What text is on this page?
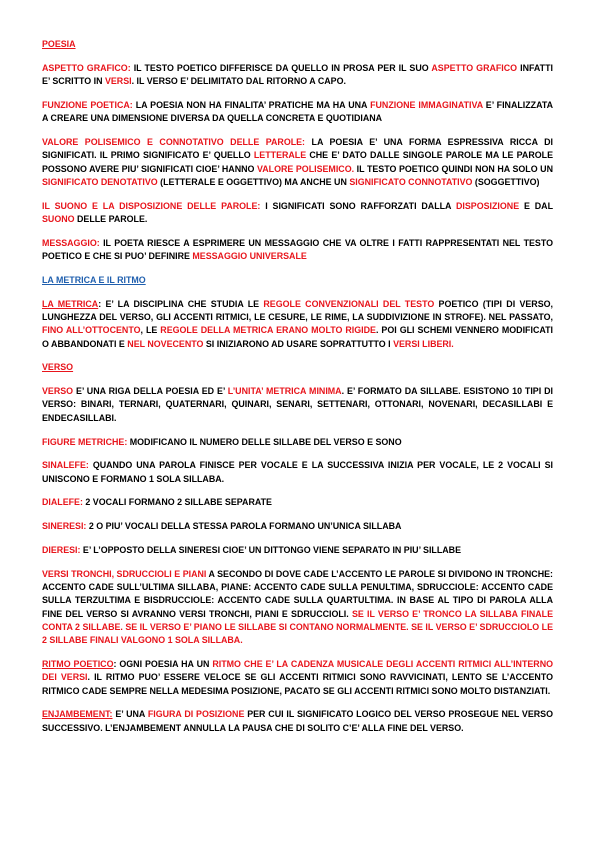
POESIA

ASPETTO GRAFICO: IL TESTO POETICO DIFFERISCE DA QUELLO IN PROSA PER IL SUO ASPETTO GRAFICO INFATTI E’ SCRITTO IN VERSI. IL VERSO E’ DELIMITATO DAL RITORNO A CAPO.

FUNZIONE POETICA: LA POESIA NON HA FINALITA’ PRATICHE MA HA UNA FUNZIONE IMMAGINATIVA E’ FINALIZZATA A CREARE UNA DIMENSIONE DIVERSA DA QUELLA CONCRETA E QUOTIDIANA

VALORE POLISEMICO E CONNOTATIVO DELLE PAROLE: LA POESIA E’ UNA FORMA ESPRESSIVA RICCA DI SIGNIFICATI. IL PRIMO SIGNIFICATO E’ QUELLO LETTERALE CHE E’ DATO DALLE SINGOLE PAROLE MA LE PAROLE POSSONO AVERE PIU’ SIGNIFICATI CIOE’ HANNO VALORE POLISEMICO. IL TESTO POETICO QUINDI NON HA SOLO UN SIGNIFICATO DENOTATIVO (LETTERALE E OGGETTIVO) MA ANCHE UN SIGNIFICATO CONNOTATIVO (SOGGETTIVO)

IL SUONO E LA DISPOSIZIONE DELLE PAROLE: I SIGNIFICATI SONO RAFFORZATI DALLA DISPOSIZIONE E DAL SUONO DELLE PAROLE.

MESSAGGIO: IL POETA RIESCE A ESPRIMERE UN MESSAGGIO CHE VA OLTRE I FATTI RAPPRESENTATI NEL TESTO POETICO E CHE SI PUO’ DEFINIRE MESSAGGIO UNIVERSALE

LA METRICA E IL RITMO

LA METRICA: E’ LA DISCIPLINA CHE STUDIA LE REGOLE CONVENZIONALI DEL TESTO POETICO (TIPI DI VERSO, LUNGHEZZA DEL VERSO, GLI ACCENTI RITMICI, LE CESURE, LE RIME, LA SUDDIVIZIONE IN STROFE). NEL PASSATO, FINO ALL’OTTOCENTO, LE REGOLE DELLA METRICA ERANO MOLTO RIGIDE. POI GLI SCHEMI VENNERO MODIFICATI O ABBANDONATI E NEL NOVECENTO SI INIZIARONO AD USARE SOPRATTUTTO I VERSI LIBERI.

VERSO

VERSO E’ UNA RIGA DELLA POESIA ED E’ L’UNITA’ METRICA MINIMA. E’ FORMATO DA SILLABE. ESISTONO 10 TIPI DI VERSO: BINARI, TERNARI, QUATERNARI, QUINARI, SENARI, SETTENARI, OTTONARI, NOVENARI, DECASILLABI E ENDECASILLABI.

FIGURE METRICHE: MODIFICANO IL NUMERO DELLE SILLABE DEL VERSO E SONO

SINALEFE: QUANDO UNA PAROLA FINISCE PER VOCALE E LA SUCCESSIVA INIZIA PER VOCALE, LE 2 VOCALI SI UNISCONO E FORMANO 1 SOLA SILLABA.

DIALEFE: 2 VOCALI FORMANO 2 SILLABE SEPARATE

SINERESI: 2 O PIU’ VOCALI DELLA STESSA PAROLA FORMANO UN’UNICA SILLABA

DIERESI: E’ L’OPPOSTO DELLA SINERESI CIOE’ UN DITTONGO VIENE SEPARATO IN PIU’ SILLABE

VERSI TRONCHI, SDRUCCIOLI E PIANI A SECONDO DI DOVE CADE L’ACCENTO LE PAROLE SI DIVIDONO IN TRONCHE: ACCENTO CADE SULL’ULTIMA SILLABA, PIANE: ACCENTO CADE SULLA PENULTIMA, SDRUCCIOLE: ACCENTO CADE SULLA TERZULTIMA E BISDRUCCIOLE: ACCENTO CADE SULLA QUARTULTIMA. IN BASE AL TIPO DI PAROLA ALLA FINE DEL VERSO SI AVRANNO VERSI TRONCHI, PIANI E SDRUCCIOLI. SE IL VERSO E’ TRONCO LA SILLABA FINALE CONTA 2 SILLABE. SE IL VERSO E’ PIANO LE SILLABE SI CONTANO NORMALMENTE. SE IL VERSO E’ SDRUCCIOLO LE 2 SILLABE FINALI VALGONO 1 SOLA SILLABA.

RITMO POETICO: OGNI POESIA HA UN RITMO CHE E’ LA CADENZA MUSICALE DEGLI ACCENTI RITMICI ALL’INTERNO DEI VERSI. IL RITMO PUO’ ESSERE VELOCE SE GLI ACCENTI RITMICI SONO RAVVICINATI, LENTO SE L’ACCENTO RITMICO CADE SEMPRE NELLA MEDESIMA POSIZIONE, PACATO SE GLI ACCENTI RITMICI SONO MOLTO DISTANZIATI.

ENJAMBEMENT: E’ UNA FIGURA DI POSIZIONE PER CUI IL SIGNIFICATO LOGICO DEL VERSO PROSEGUE NEL VERSO SUCCESSIVO. L’ENJAMBEMENT ANNULLA LA PAUSA CHE DI SOLITO C’E’ ALLA FINE DEL VERSO.
